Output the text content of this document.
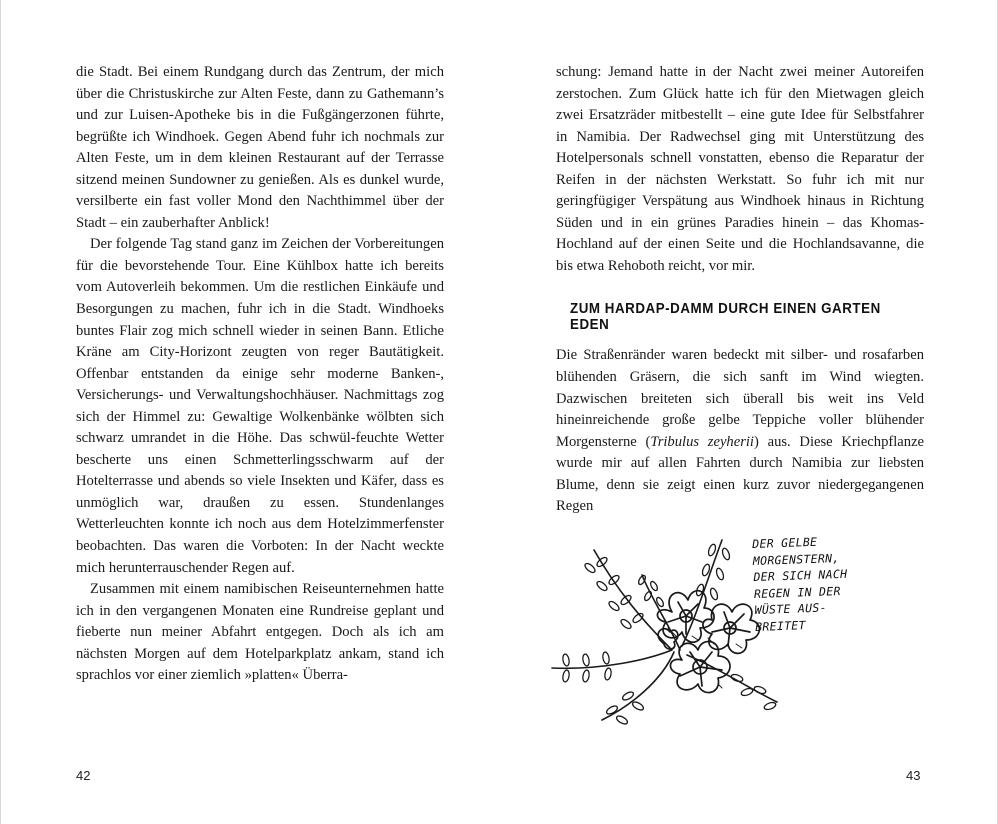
die Stadt. Bei einem Rundgang durch das Zentrum, der mich über die Christuskirche zur Alten Feste, dann zu Gathemann’s und zur Luisen-Apotheke bis in die Fußgängerzonen führte, begrüßte ich Windhoek. Gegen Abend fuhr ich nochmals zur Alten Feste, um in dem kleinen Restaurant auf der Terrasse sitzend meinen Sundowner zu genießen. Als es dunkel wurde, versilberte ein fast voller Mond den Nachthimmel über der Stadt – ein zauberhafter Anblick!

Der folgende Tag stand ganz im Zeichen der Vorbereitungen für die bevorstehende Tour. Eine Kühlbox hatte ich bereits vom Autoverleih bekommen. Um die restlichen Einkäufe und Besorgungen zu machen, fuhr ich in die Stadt. Windhoeks buntes Flair zog mich schnell wieder in seinen Bann. Etliche Kräne am City-Horizont zeugten von reger Bautätigkeit. Offenbar entstanden da einige sehr moderne Banken-, Versicherungs- und Verwaltungshochhäuser. Nachmittags zog sich der Himmel zu: Gewaltige Wolkenbänke wölbten sich schwarz umrandet in die Höhe. Das schwül-feuchte Wetter bescherte uns einen Schmetterlingsschwarm auf der Hotelterrasse und abends so viele Insekten und Käfer, dass es unmöglich war, draußen zu essen. Stundenlanges Wetterleuchten konnte ich noch aus dem Hotelzimmerfenster beobachten. Das waren die Vorboten: In der Nacht weckte mich herunterrauschender Regen auf.

Zusammen mit einem namibischen Reiseunternehmen hatte ich in den vergangenen Monaten eine Rundreise geplant und fieberte nun meiner Abfahrt entgegen. Doch als ich am nächsten Morgen auf dem Hotelparkplatz ankam, stand ich sprachlos vor einer ziemlich »platten« Überra-

42

schung: Jemand hatte in der Nacht zwei meiner Autoreifen zerstochen. Zum Glück hatte ich für den Mietwagen gleich zwei Ersatzräder mitbestellt – eine gute Idee für Selbstfahrer in Namibia. Der Radwechsel ging mit Unterstützung des Hotelpersonals schnell vonstatten, ebenso die Reparatur der Reifen in der nächsten Werkstatt. So fuhr ich mit nur geringfügiger Verspätung aus Windhoek hinaus in Richtung Süden und in ein grünes Paradies hinein – das Khomas-Hochland auf der einen Seite und die Hochlandsavanne, die bis etwa Rehoboth reicht, vor mir.

ZUM HARDAP-DAMM DURCH EINEN GARTEN EDEN

Die Straßenränder waren bedeckt mit silber- und rosafarben blühenden Gräsern, die sich sanft im Wind wiegten. Dazwischen breiteten sich überall bis weit ins Veld hineinreichende große gelbe Teppiche voller blühender Morgensterne (Tribulus zeyherii) aus. Diese Kriechpflanze wurde mir auf allen Fahrten durch Namibia zur liebsten Blume, denn sie zeigt einen kurz zuvor niedergegangenen Regen

DER GELBE
MORGENSTERN,
DER SICH NACH
REGEN IN DER
WÜSTE AUS-
BREITET
43
